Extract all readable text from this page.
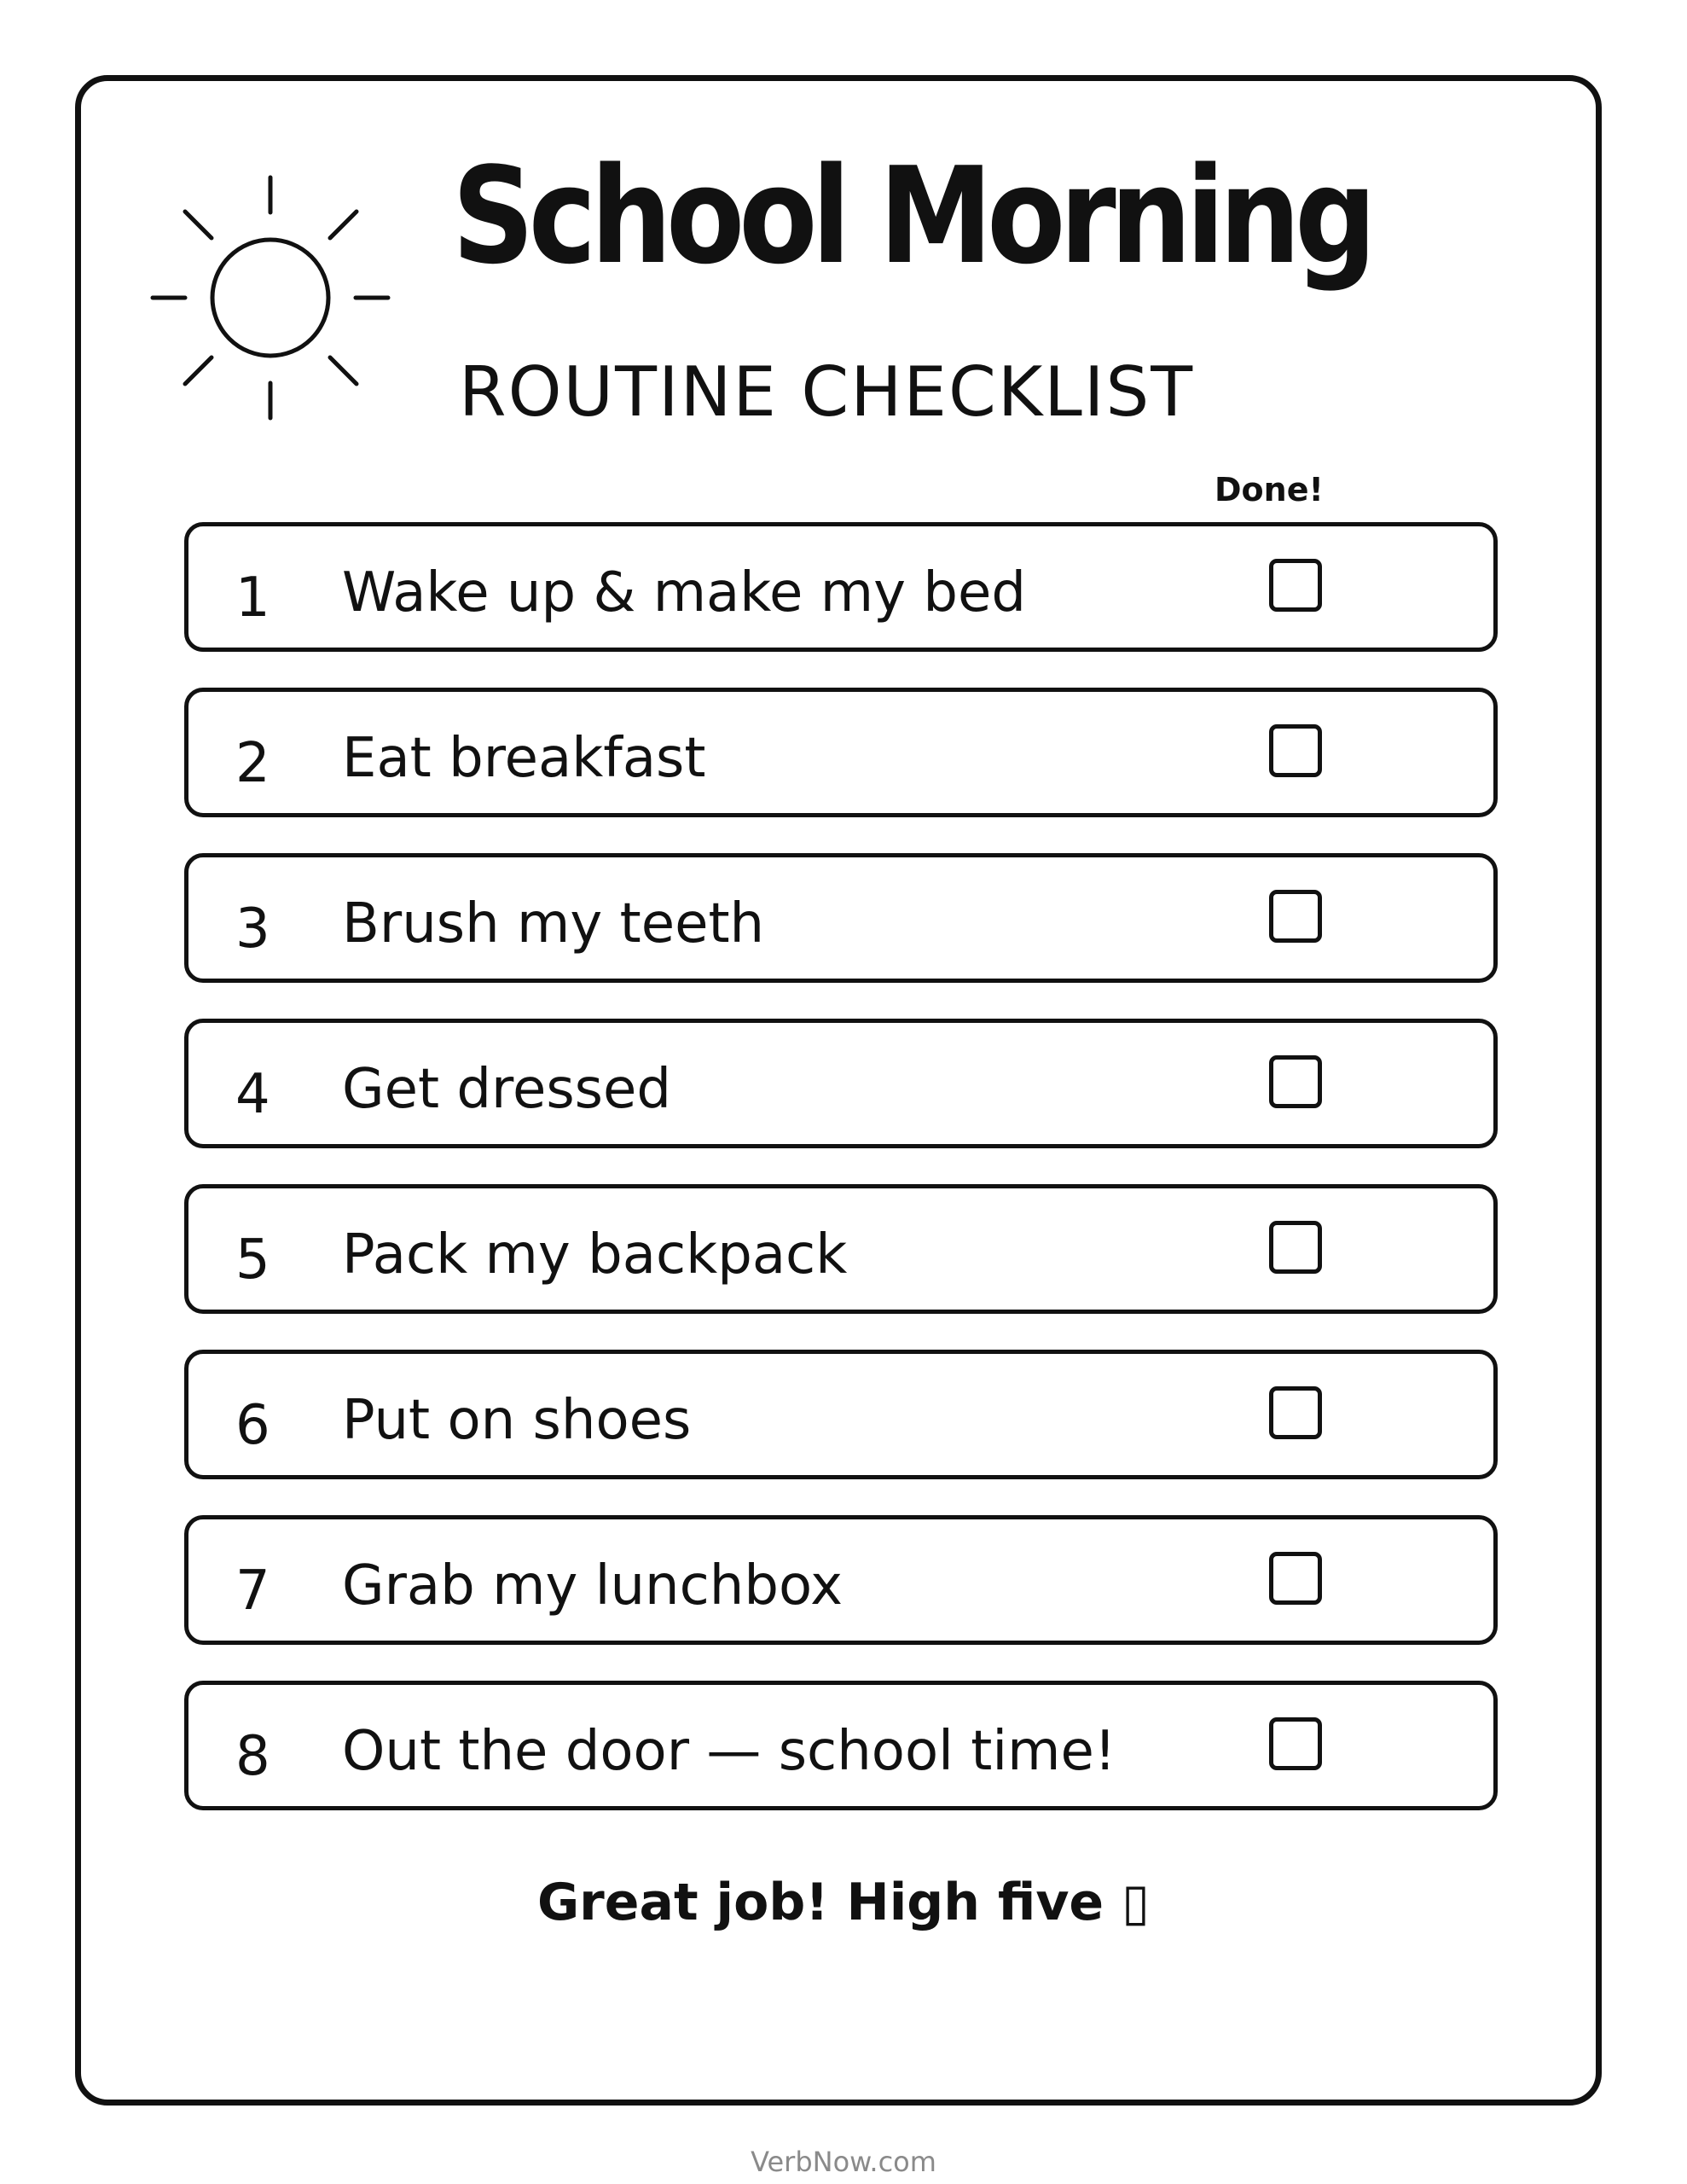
School Morning
ROUTINE CHECKLIST
Done!
1 Wake up & make my bed
2 Eat breakfast
3 Brush my teeth
4 Get dressed
5 Pack my backpack
6 Put on shoes
7 Grab my lunchbox
8 Out the door — school time!
Great job! High five ▯
VerbNow.com
